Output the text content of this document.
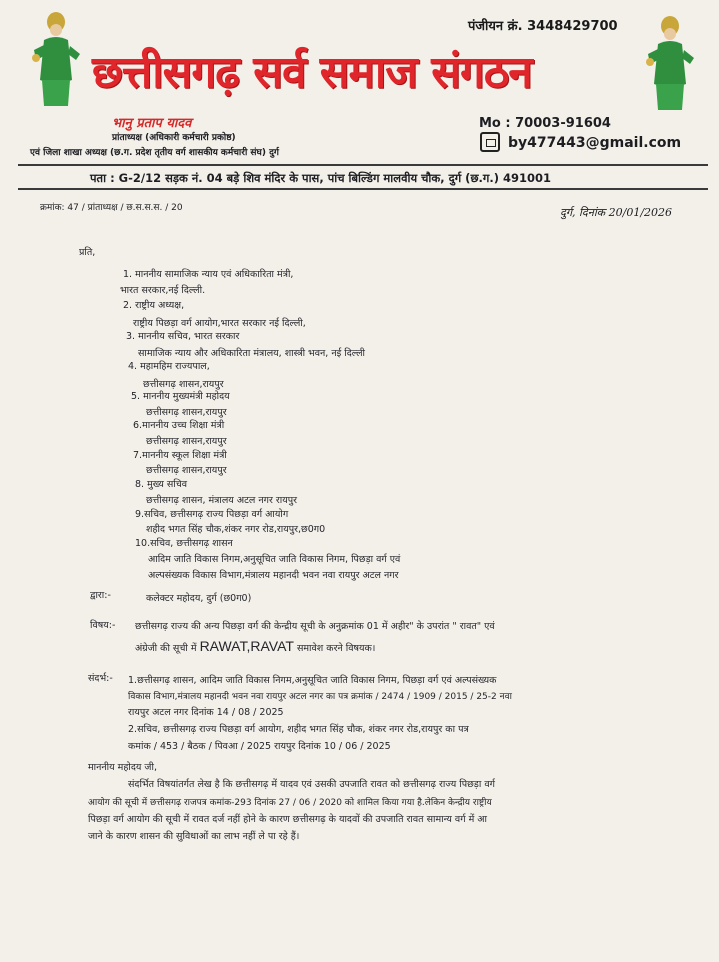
पंजीयन क्रं. 3448429700
छत्तीसगढ़ सर्व समाज संगठन
भानु प्रताप यादव
प्रांताध्यक्ष (अधिकारी कर्मचारी प्रकोष्ठ)
एवं जिला शाखा अध्यक्ष (छ.ग. प्रदेश तृतीय वर्ग शासकीय कर्मचारी संघ) दुर्ग
Mo : 70003-91604
by477443@gmail.com
पता : G-2/12 सड़क नं. 04 बड़े शिव मंदिर के पास, पांच बिल्डिंग मालवीय चौक, दुर्ग (छ.ग.) 491001
क्रमांक: 47 / प्रांताध्यक्ष / छ.स.स.स. / 20	दुर्ग, दिनांक 20/01/2026
प्रति,
1. माननीय सामाजिक न्याय एवं अधिकारिता मंत्री,
भारत सरकार,नई दिल्ली.
2. राष्ट्रीय अध्यक्ष,
राष्ट्रीय पिछड़ा वर्ग आयोग,भारत सरकार नई दिल्ली,
3. माननीय सचिव, भारत सरकार
सामाजिक न्याय और अधिकारिता मंत्रालय, शास्त्री भवन, नई दिल्ली
4. महामहिम राज्यपाल,
छत्तीसगढ़ शासन,रायपुर
5. माननीय मुख्यमंत्री महोदय
छत्तीसगढ़ शासन,रायपुर
6.माननीय उच्च शिक्षा मंत्री
छत्तीसगढ़ शासन,रायपुर
7.माननीय स्कूल शिक्षा मंत्री
छत्तीसगढ़ शासन,रायपुर
8. मुख्य सचिव
छत्तीसगढ़ शासन, मंत्रालय अटल नगर रायपुर
9.सचिव, छत्तीसगढ़ राज्य पिछड़ा वर्ग आयोग
शहीद भगत सिंह चौक,शंकर नगर रोड,रायपुर,छ0ग0
10.सचिव, छत्तीसगढ़ शासन
आदिम जाति विकास निगम,अनुसूचित जाति विकास निगम, पिछड़ा वर्ग एवं
अल्पसंख्यक विकास विभाग,मंत्रालय महानदी भवन नवा रायपुर अटल नगर
द्वारा:-	कलेक्टर महोदय, दुर्ग (छ0ग0)
विषय:- छत्तीसगढ़ राज्य की अन्य पिछड़ा वर्ग की केन्द्रीय सूची के अनुक्रमांक 01 में अहीर" के उपरांत " रावत" एवं
अंग्रेजी की सूची में RAWAT,RAVAT समावेश करने विषयक।
संदर्भ:- 1.छत्तीसगढ़ शासन, आदिम जाति विकास निगम,अनुसूचित जाति विकास निगम, पिछड़ा वर्ग एवं अल्पसंख्यक
विकास विभाग,मंत्रालय महानदी भवन नवा रायपुर अटल नगर का पत्र क्रमांक / 2474 / 1909 / 2015 / 25-2 नवा
रायपुर अटल नगर दिनांक 14 / 08 / 2025
2.सचिव, छत्तीसगढ़ राज्य पिछड़ा वर्ग आयोग, शहीद भगत सिंह चौक, शंकर नगर रोड,रायपुर का पत्र
कमांक / 453 / बैठक / पिवआ / 2025 रायपुर दिनांक 10 / 06 / 2025
माननीय महोदय जी,
संदर्भित विषयांतर्गत लेख है कि छत्तीसगढ़ में यादव एवं उसकी उपजाति रावत को छत्तीसगढ़ राज्य पिछड़ा वर्ग
आयोग की सूची में छत्तीसगढ़ राजपत्र कमांक-293 दिनांक 27 / 06 / 2020 को शामिल किया गया है.लेकिन केन्द्रीय राष्ट्रीय
पिछड़ा वर्ग आयोग की सूची में रावत दर्ज नहीं होने के कारण छत्तीसगढ़ के यादवों की उपजाति रावत सामान्य वर्ग में आ
जाने के कारण शासन की सुविधाओं का लाभ नहीं ले पा रहे हैं।
